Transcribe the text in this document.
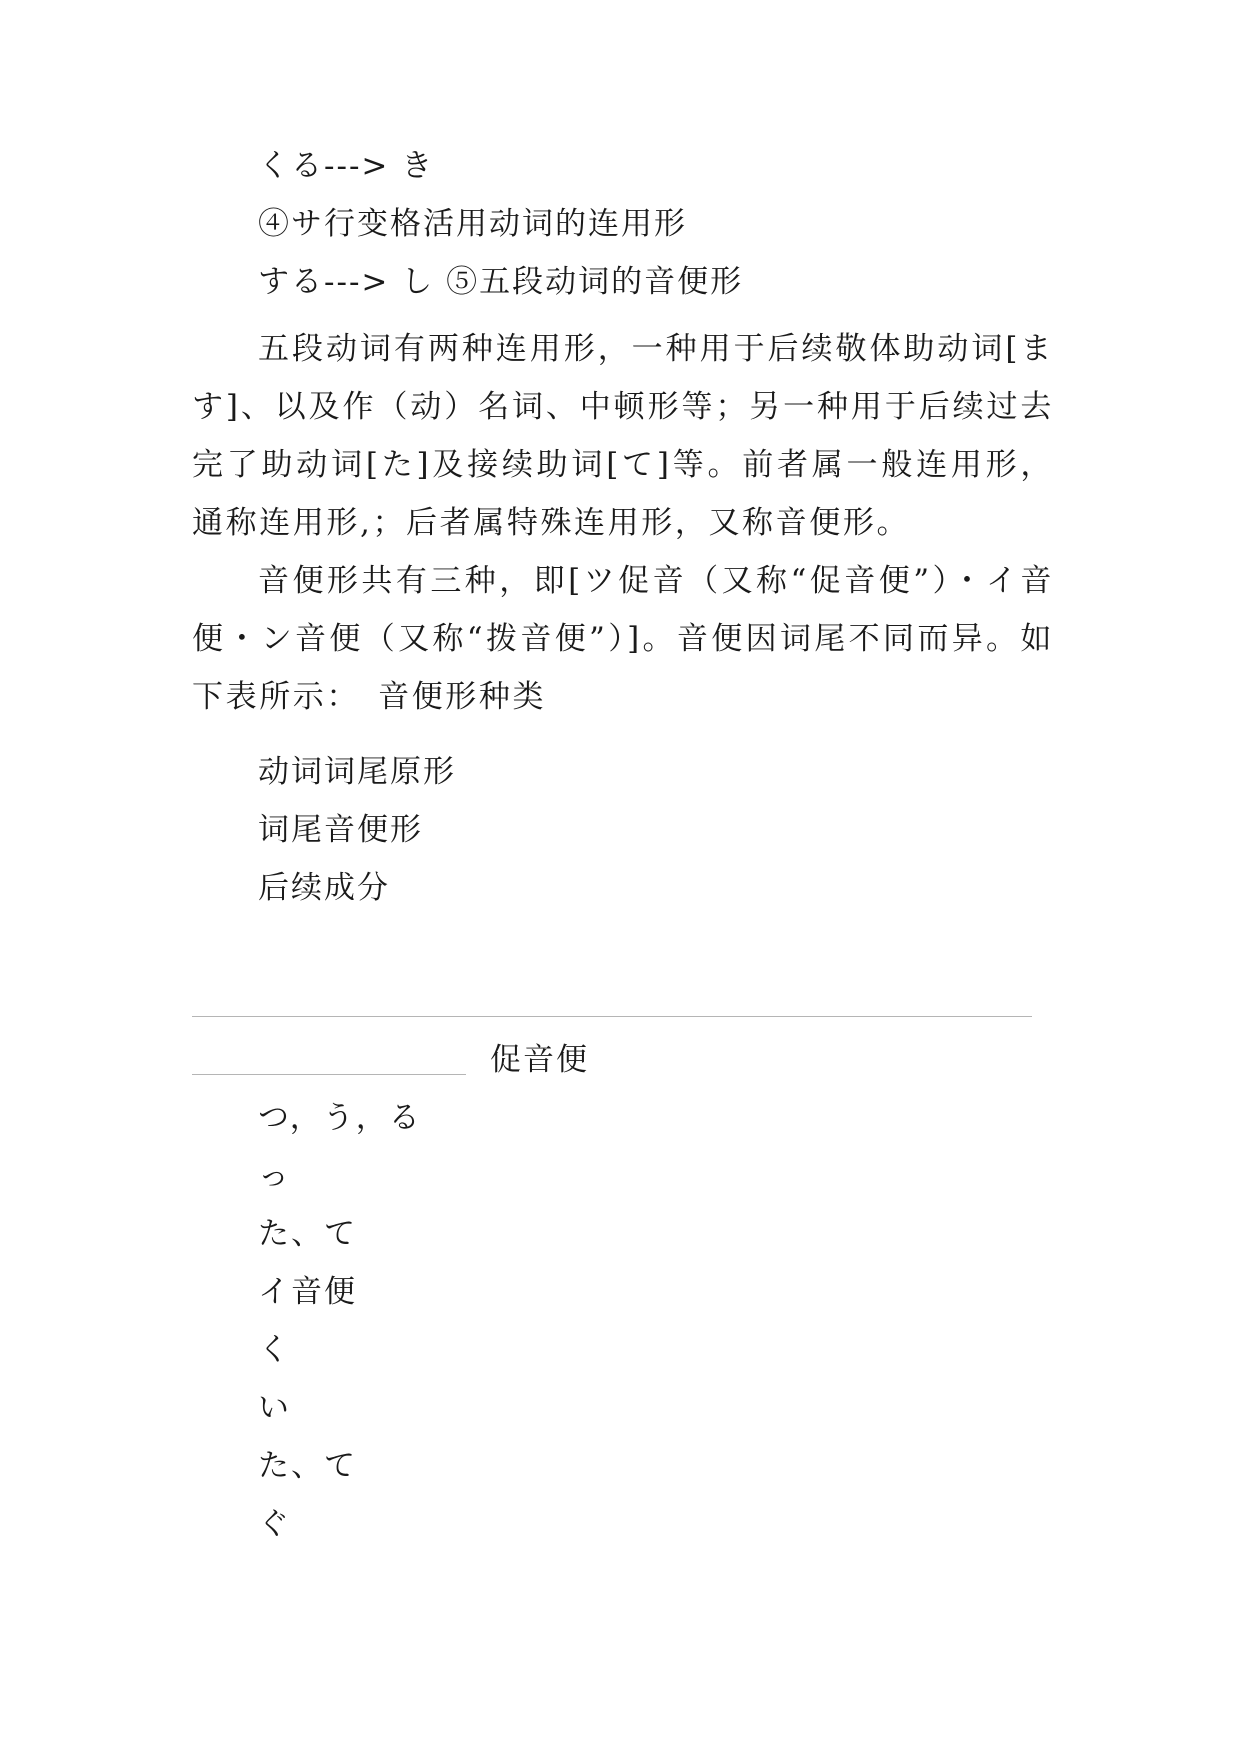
くる---> き
④サ行变格活用动词的连用形
する---> し ⑤五段动词的音便形
五段动词有两种连用形，一种用于后续敬体助动词[ます]、以及作（动）名词、中顿形等；另一种用于后续过去完了助动词[た]及接续助词[て]等。前者属一般连用形，通称连用形,；后者属特殊连用形，又称音便形。
音便形共有三种，即[ツ促音（又称“促音便”）・イ音便・ン音便（又称“拨音便”）]。音便因词尾不同而异。如下表所示：　音便形种类
动词词尾原形
词尾音便形
后续成分
促音便
つ，う，る
っ
た、て
イ音便
く
い
た、て
ぐ
